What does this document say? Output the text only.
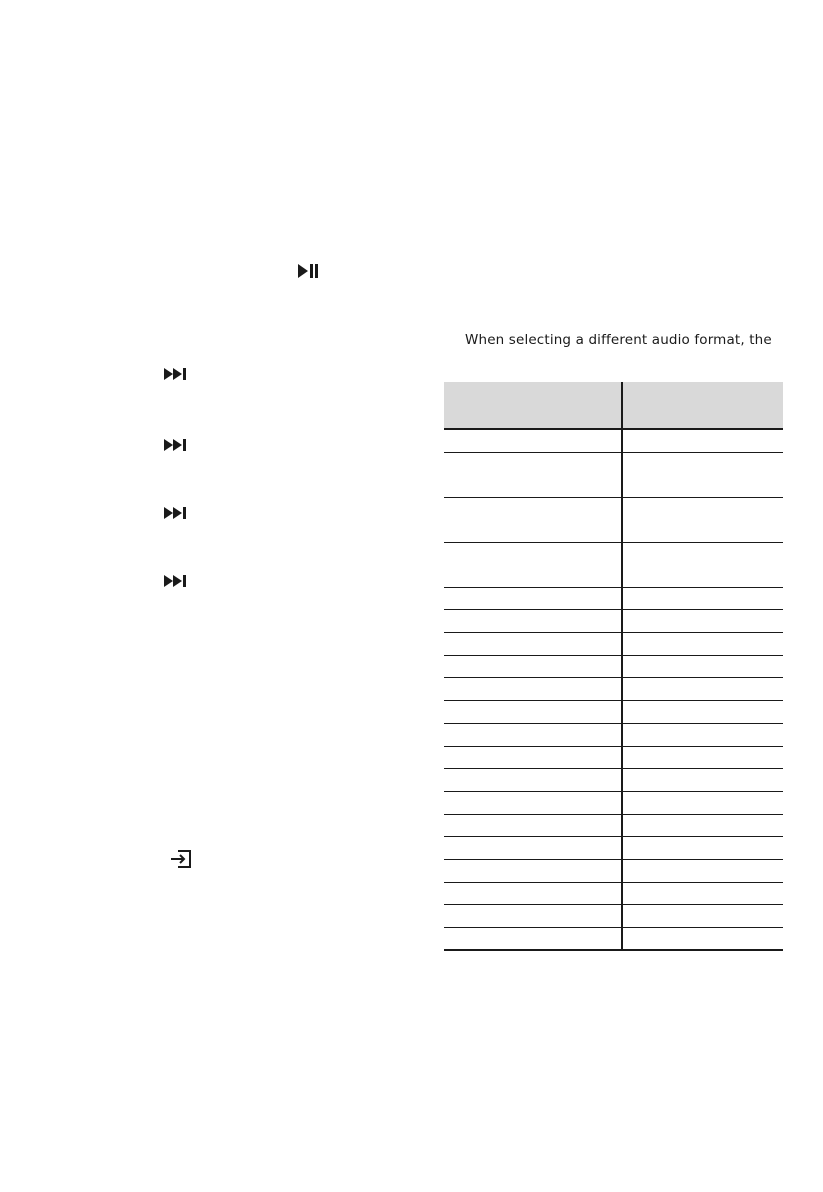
When selecting a different audio format, the
